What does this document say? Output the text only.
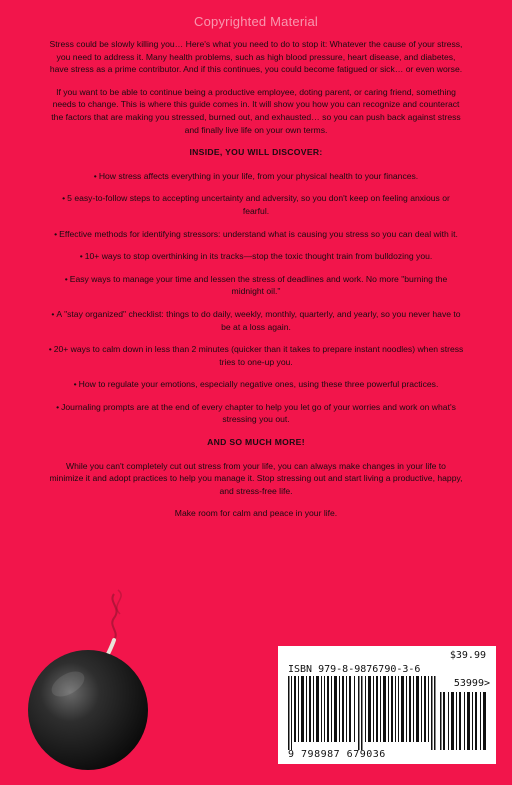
Copyrighted Material

Stress could be slowly killing you… Here's what you need to do to stop it: Whatever the cause of your stress, you need to address it. Many health problems, such as high blood pressure, heart disease, and diabetes, have stress as a prime contributor. And if this continues, you could become fatigued or sick… or even worse.

If you want to be able to continue being a productive employee, doting parent, or caring friend, something needs to change. This is where this guide comes in. It will show you how you can recognize and counteract the factors that are making you stressed, burned out, and exhausted… so you can push back against stress and finally live life on your own terms.

INSIDE, YOU WILL DISCOVER:
• How stress affects everything in your life, from your physical health to your finances.
• 5 easy-to-follow steps to accepting uncertainty and adversity, so you don't keep on feeling anxious or fearful.
• Effective methods for identifying stressors: understand what is causing you stress so you can deal with it.
• 10+ ways to stop overthinking in its tracks—stop the toxic thought train from bulldozing you.
• Easy ways to manage your time and lessen the stress of deadlines and work. No more "burning the midnight oil."
• A "stay organized" checklist: things to do daily, weekly, monthly, quarterly, and yearly, so you never have to be at a loss again.
• 20+ ways to calm down in less than 2 minutes (quicker than it takes to prepare instant noodles) when stress tries to one-up you.
• How to regulate your emotions, especially negative ones, using these three powerful practices.
• Journaling prompts are at the end of every chapter to help you let go of your worries and work on what's stressing you out.
AND SO MUCH MORE!

While you can't completely cut out stress from your life, you can always make changes in your life to minimize it and adopt practices to help you manage it. Stop stressing out and start living a productive, happy, and stress-free life.

Make room for calm and peace in your life.

$39.99
ISBN 979-8-9876790-3-6
53999>
9 798987 679036
